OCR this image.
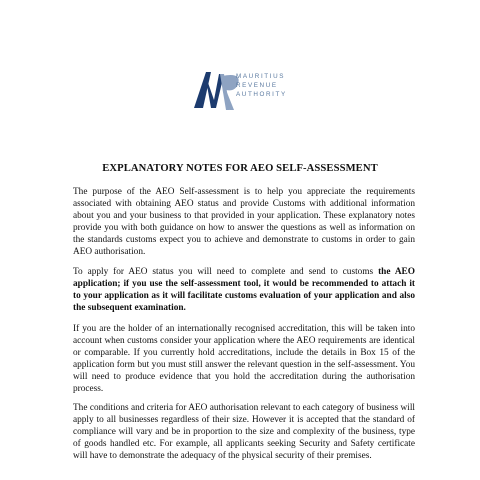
MAURITIUS
REVENUE
AUTHORITY
EXPLANATORY NOTES FOR AEO SELF-ASSESSMENT

The purpose of the AEO Self-assessment is to help you appreciate the requirements associated with obtaining AEO status and provide Customs with additional information about you and your business to that provided in your application. These explanatory notes provide you with both guidance on how to answer the questions as well as information on the standards customs expect you to achieve and demonstrate to customs in order to gain AEO authorisation.

To apply for AEO status you will need to complete and send to customs the AEO application; if you use the self-assessment tool, it would be recommended to attach it to your application as it will facilitate customs evaluation of your application and also the subsequent examination.

If you are the holder of an internationally recognised accreditation, this will be taken into account when customs consider your application where the AEO requirements are identical or comparable. If you currently hold accreditations, include the details in Box 15 of the application form but you must still answer the relevant question in the self-assessment. You will need to produce evidence that you hold the accreditation during the authorisation process.

The conditions and criteria for AEO authorisation relevant to each category of business will apply to all businesses regardless of their size. However it is accepted that the standard of compliance will vary and be in proportion to the size and complexity of the business, type of goods handled etc. For example, all applicants seeking Security and Safety certificate will have to demonstrate the adequacy of the physical security of their premises.
